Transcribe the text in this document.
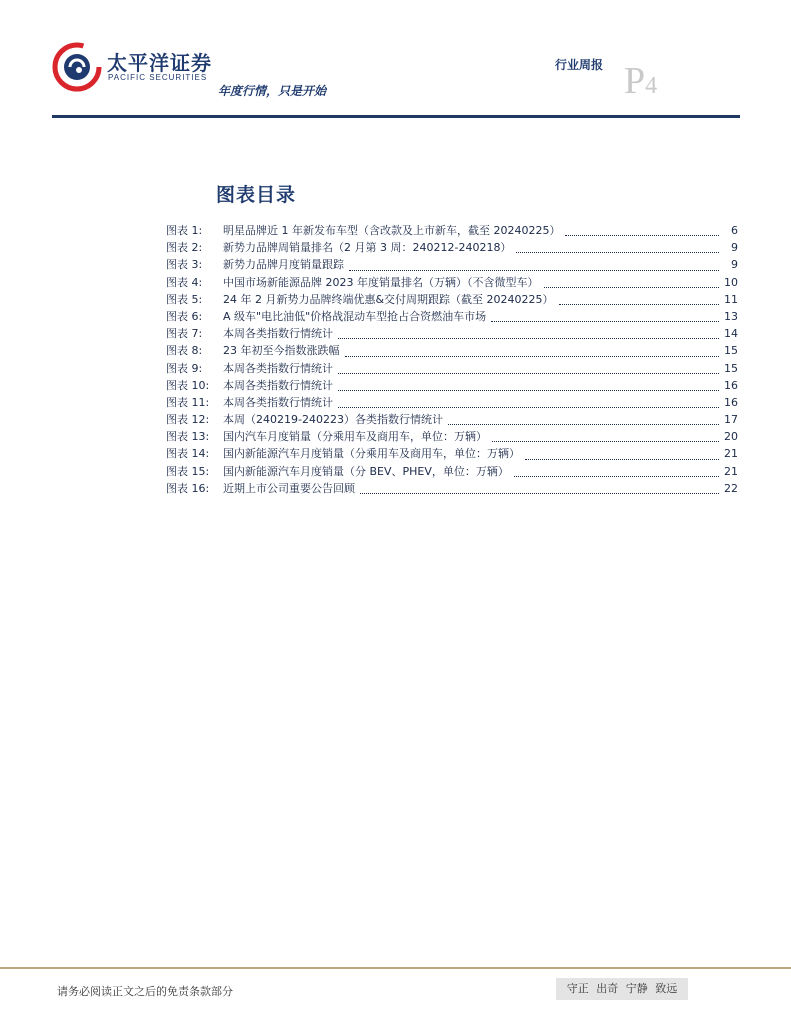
太平洋证券
PACIFIC SECURITIES
年度行情，只是开始
行业周报 P4
图表目录
图表 1:	明星品牌近 1 年新发布车型（含改款及上市新车，截至 20240225）	6
图表 2:	新势力品牌周销量排名（2 月第 3 周：240212-240218）	9
图表 3:	新势力品牌月度销量跟踪	9
图表 4:	中国市场新能源品牌 2023 年度销量排名（万辆）（不含微型车）	10
图表 5:	24 年 2 月新势力品牌终端优惠&交付周期跟踪（截至 20240225）	11
图表 6:	A 级车"电比油低"价格战混动车型抢占合资燃油车市场	13
图表 7:	本周各类指数行情统计	14
图表 8:	23 年初至今指数涨跌幅	15
图表 9:	本周各类指数行情统计	15
图表 10:	本周各类指数行情统计	16
图表 11:	本周各类指数行情统计	16
图表 12:	本周（240219-240223）各类指数行情统计	17
图表 13:	国内汽车月度销量（分乘用车及商用车，单位：万辆）	20
图表 14:	国内新能源汽车月度销量（分乘用车及商用车，单位：万辆）	21
图表 15:	国内新能源汽车月度销量（分 BEV、PHEV，单位：万辆）	21
图表 16:	近期上市公司重要公告回顾	22
请务必阅读正文之后的免责条款部分	守正 出奇 宁静 致远
